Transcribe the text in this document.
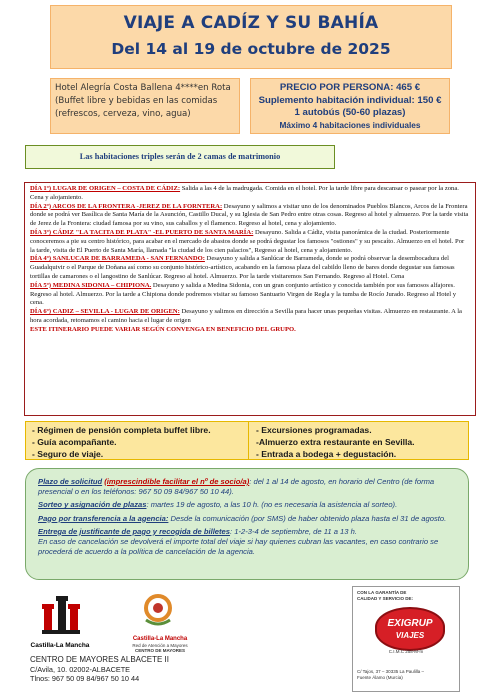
VIAJE A CADÍZ Y SU BAHÍA
Del 14 al 19 de octubre de 2025
Hotel Alegría Costa Ballena 4****en Rota
(Buffet libre y bebidas en las comidas
(refrescos, cerveza, vino, agua)
PRECIO POR PERSONA: 465 €
Suplemento habitación individual: 150 €
1 autobús (50-60 plazas)
Máximo 4 habitaciones individuales
Las habitaciones triples serán de 2 camas de matrimonio

DÍA 1º) LUGAR DE ORIGEN – COSTA DE CÁDIZ: Salida a las 4 de la madrugada. Comida en el hotel. Por la tarde libre para descansar o pasear por la zona. Cena y alojamiento.

DÍA 2º) ARCOS DE LA FRONTERA -JEREZ DE LA FORNTERA: Desayuno y salimos a visitar uno de los denominados Pueblos Blancos, Arcos de la Frontera donde se podrá ver Basílica de Santa María de la Asunción, Castillo Ducal, y su Iglesia de San Pedro entre otras cosas. Regreso al hotel y almuerzo. Por la tarde visita de Jerez de la Frontera: ciudad famosa por su vino, sus caballos y el flamenco. Regreso al hotel, cena y alojamiento.

DÍA 3º) CÁDIZ "LA TACITA DE PLATA" -EL PUERTO DE SANTA MARÍA: Desayuno. Salida a Cádiz, visita panorámica de la ciudad. Posteriormente conoceremos a pie su centro histórico, para acabar en el mercado de abastos donde se podrá degustar los famosos "ostiones" y su pescaíto. Almuerzo en el hotel. Por la tarde, visita de El Puerto de Santa María, llamada "la ciudad de los cien palacios", Regreso al hotel, cena y alojamiento.

DÍA 4º) SANLUCAR DE BARRAMEDA - SAN FERNANDO: Desayuno y salida a Sanlúcar de Barrameda, donde se podrá observar la desembocadura del Guadalquivir o el Parque de Doñana así como su conjunto histórico-artístico, acabando en la famosa plaza del cabildo lleno de bares donde degustar sus famosas tortillas de camarones o el langostino de Sanlúcar. Regreso al hotel. Almuerzo. Por la tarde visitaremos San Fernando. Regreso al Hotel. Cena

DÍA 5º) MEDINA SIDONIA – CHIPIONA. Desayuno y salida a Medina Sidonia, con un gran conjunto artístico y conocida también por sus famosos alfajores. Regreso al hotel. Almuerzo. Por la tarde a Chipiona donde podremos visitar su famoso Santuario Virgen de Regla y la tumba de Rocío Jurado. Regreso al Hotel y cena.

DÍA 6º) CADIZ – SEVILLA - LUGAR DE ORIGEN: Desayuno y salimos en dirección a Sevilla para hacer unas pequeñas visitas. Almuerzo en restaurante. A la hora acordada, retomamos el camino hacia el lugar de origen

ESTE ITINERARIO PUEDE VARIAR SEGÚN CONVENGA EN BENEFICIO DEL GRUPO.

- Régimen de pensión completa buffet libre.
- Guía acompañante.
- Seguro de viaje.
- Excursiones programadas.
-Almuerzo extra restaurante en Sevilla.
- Entrada a bodega + degustación.

Plazo de solicitud (imprescindible facilitar el nº de socio/a): del 1 al 14 de agosto, en horario del Centro (de forma presencial o en los teléfonos: 967 50 09 84/967 50 10 44).

Sorteo y asignación de plazas: martes 19 de agosto, a las 10 h. (no es necesaria la asistencia al sorteo).

Pago por transferencia a la agencia: Desde la comunicación (por SMS) de haber obtenido plaza hasta el 31 de agosto.

Entrega de justificante de pago y recogida de billetes: 1-2-3-4 de septiembre, de 11 a 13 h.

En caso de cancelación se devolverá el importe total del viaje si hay quienes cubran las vacantes, en caso contrario se procederá de acuerdo a la política de cancelación de la agencia.

Castilla-La Mancha
Castilla-La Mancha
Red de Atención a Mayores
CENTRO DE MAYORES
CENTRO DE MAYORES ALBACETE II
C/Avila, 10. 02002-ALBACETE
Tlnos: 967 50 09 84/967 50 10 44
CON LA GARANTÍA DE
CALIDAD Y SERVICIO DE:
EXIGRUP
VIAJES
C.I.M.C 258-M-m
C/ Tajos, 37 – 30335 La Paulilla –
Fuente Álamo (Murcia)
